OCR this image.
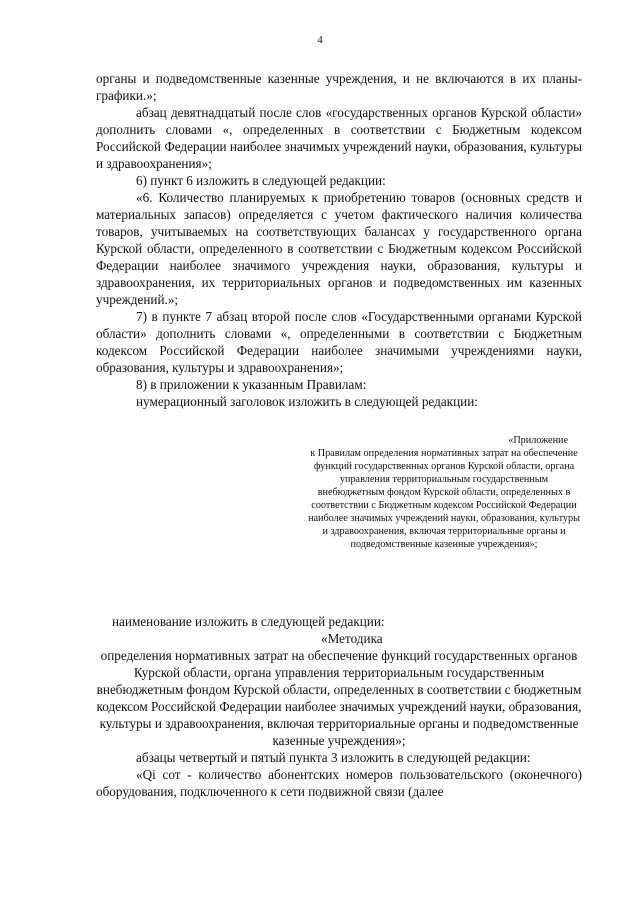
4

органы и подведомственные казенные учреждения, и не включаются в их планы-графики.»;

абзац девятнадцатый после слов «государственных органов Курской области» дополнить словами «, определенных в соответствии с Бюджетным кодексом Российской Федерации наиболее значимых учреждений науки, образования, культуры и здравоохранения»;

6) пункт 6 изложить в следующей редакции:

«6. Количество планируемых к приобретению товаров (основных средств и материальных запасов) определяется с учетом фактического наличия количества товаров, учитываемых на соответствующих балансах у государственного органа Курской области, определенного в соответствии с Бюджетным кодексом Российской Федерации наиболее значимого учреждения науки, образования, культуры и здравоохранения, их территориальных органов и подведомственных им казенных учреждений.»;

7) в пункте 7 абзац второй после слов «Государственными органами Курской области» дополнить словами «, определенными в соответствии с Бюджетным кодексом Российской Федерации наиболее значимыми учреждениями науки, образования, культуры и здравоохранения»;

8) в приложении к указанным Правилам:

нумерационный заголовок изложить в следующей редакции:

«Приложение
к Правилам определения нормативных затрат на обеспечение функций государственных органов Курской области, органа управления территориальным государственным внебюджетным фондом Курской области, определенных в соответствии с Бюджетным кодексом Российской Федерации наиболее значимых учреждений науки, образования, культуры и здравоохранения, включая территориальные органы и подведомственные казенные учреждения»;

наименование изложить в следующей редакции:

«Методика

определения нормативных затрат на обеспечение функций государственных органов Курской области, органа управления территориальным государственным внебюджетным фондом Курской области, определенных в соответствии с бюджетным кодексом Российской Федерации наиболее значимых учреждений науки, образования, культуры и здравоохранения, включая территориальные органы и подведомственные казенные учреждения»;

абзацы четвертый и пятый пункта 3 изложить в следующей редакции:

«Qi сот - количество абонентских номеров пользовательского (оконечного) оборудования, подключенного к сети подвижной связи (далее
